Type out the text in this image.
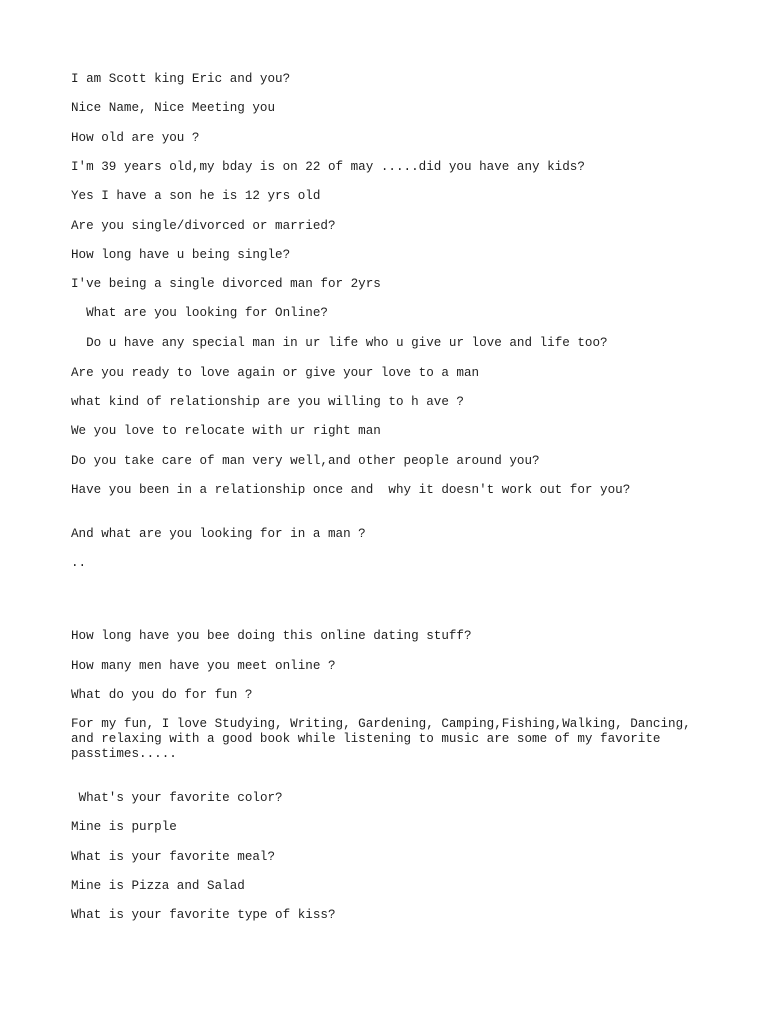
I am Scott king Eric and you?

Nice Name, Nice Meeting you

How old are you ?

I'm 39 years old,my bday is on 22 of may .....did you have any kids?

Yes I have a son he is 12 yrs old

Are you single/divorced or married?

How long have u being single?

I've being a single divorced man for 2yrs

What are you looking for Online?

Do u have any special man in ur life who u give ur love and life too?

Are you ready to love again or give your love to a man

what kind of relationship are you willing to h ave ?

We you love to relocate with ur right man

Do you take care of man very well,and other people around you?

Have you been in a relationship once and  why it doesn't work out for you?

And what are you looking for in a man ?

..

How long have you bee doing this online dating stuff?

How many men have you meet online ?

What do you do for fun ?

For my fun, I love Studying, Writing, Gardening, Camping,Fishing,Walking, Dancing,
and relaxing with a good book while listening to music are some of my favorite
passtimes.....

What's your favorite color?

Mine is purple

What is your favorite meal?

Mine is Pizza and Salad

What is your favorite type of kiss?
